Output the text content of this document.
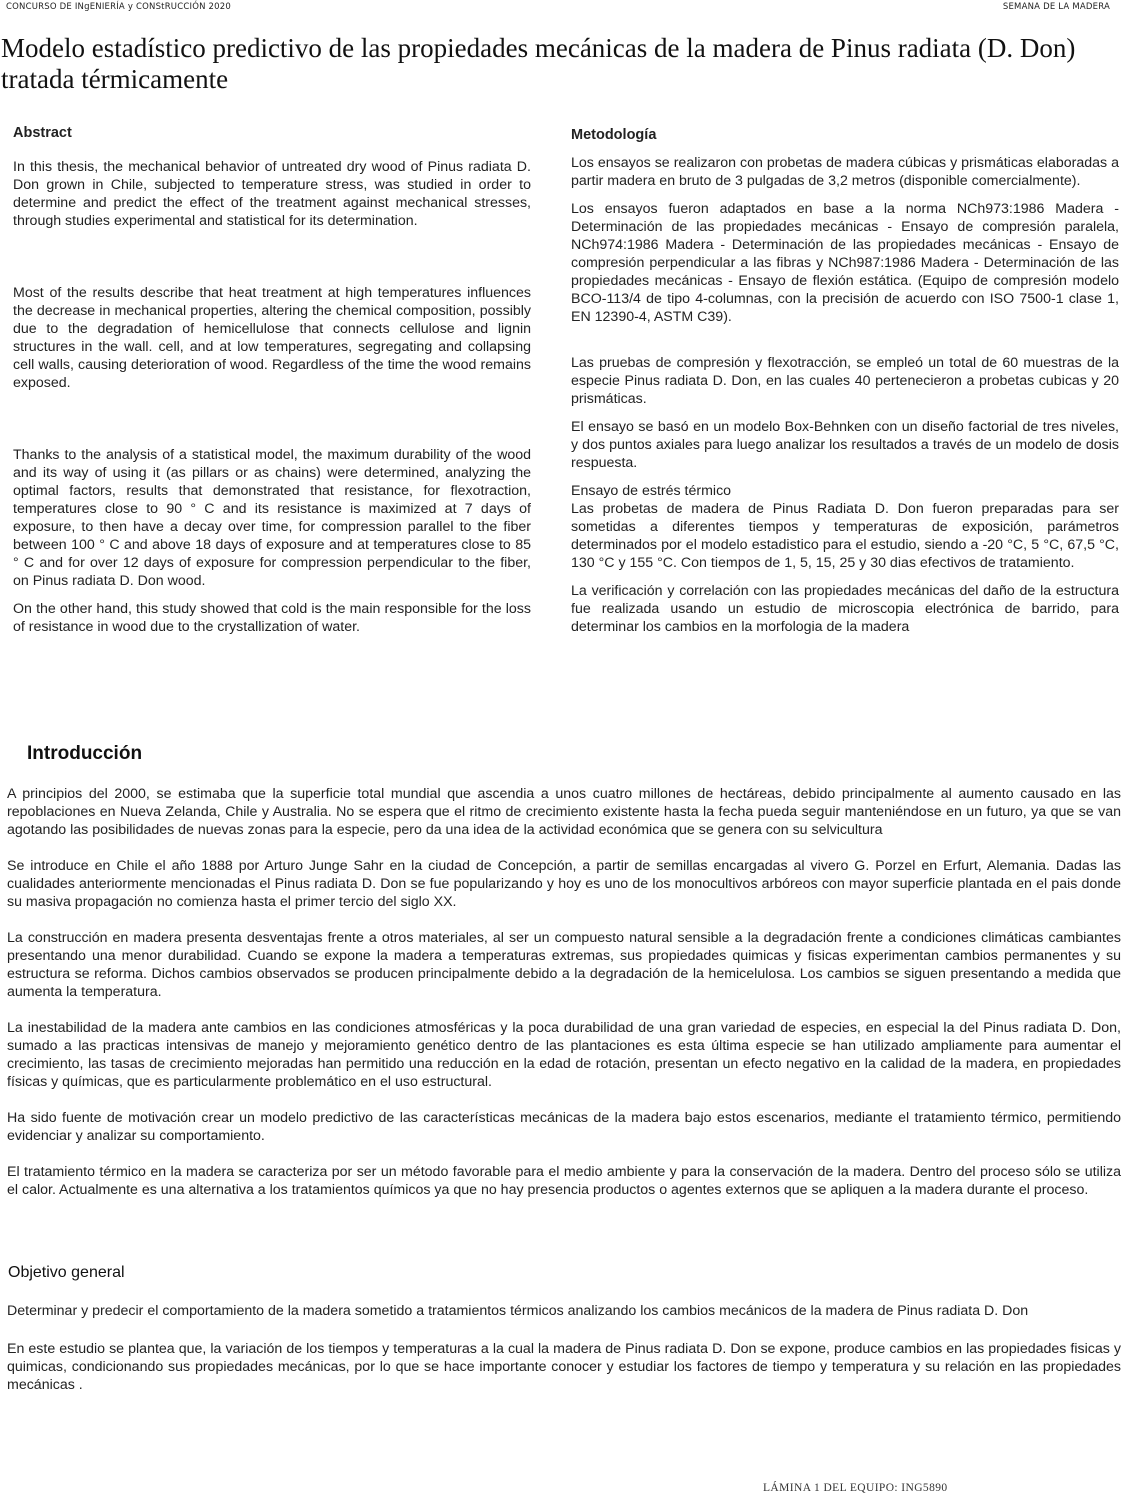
CONCURSO DE INgENIERÍA y CONStRUCCIÓN 2020	SEMANA DE LA MADERA
Modelo estadístico predictivo de las propiedades mecánicas de la madera de Pinus radiata (D. Don) tratada térmicamente
Abstract

In this thesis, the mechanical behavior of untreated dry wood of Pinus radiata D. Don grown in Chile, subjected to temperature stress, was studied in order to determine and predict the effect of the treatment against mechanical stresses, through studies experimental and statistical for its determination.

Most of the results describe that heat treatment at high temperatures influences the decrease in mechanical properties, altering the chemical composition, possibly due to the degradation of hemicellulose that connects cellulose and lignin structures in the wall. cell, and at low temperatures, segregating and collapsing cell walls, causing deterioration of wood. Regardless of the time the wood remains exposed.

Thanks to the analysis of a statistical model, the maximum durability of the wood and its way of using it (as pillars or as chains) were determined, analyzing the optimal factors, results that demonstrated that resistance, for flexotraction, temperatures close to 90 ° C and its resistance is maximized at 7 days of exposure, to then have a decay over time, for compression parallel to the fiber between 100 ° C and above 18 days of exposure and at temperatures close to 85 ° C and for over 12 days of exposure for compression perpendicular to the fiber, on Pinus radiata D. Don wood.

On the other hand, this study showed that cold is the main responsible for the loss of resistance in wood due to the crystallization of water.

Metodología

Los ensayos se realizaron con probetas de madera cúbicas y prismáticas elaboradas a partir madera en bruto de 3 pulgadas de 3,2 metros (disponible comercialmente).

Los ensayos fueron adaptados en base a la norma NCh973:1986 Madera - Determinación de las propiedades mecánicas - Ensayo de compresión paralela, NCh974:1986 Madera - Determinación de las propiedades mecánicas - Ensayo de compresión perpendicular a las fibras y NCh987:1986 Madera - Determinación de las propiedades mecánicas - Ensayo de flexión estática. (Equipo de compresión modelo BCO-113/4 de tipo 4-columnas, con la precisión de acuerdo con ISO 7500-1 clase 1, EN 12390-4, ASTM C39).

Las pruebas de compresión y flexotracción, se empleó un total de 60 muestras de la especie Pinus radiata D. Don, en las cuales 40 pertenecieron a probetas cubicas y 20 prismáticas.

El ensayo se basó en un modelo Box-Behnken con un diseño factorial de tres niveles, y dos puntos axiales para luego analizar los resultados a través de un modelo de dosis respuesta.

Ensayo de estrés térmico

Las probetas de madera de Pinus Radiata D. Don fueron preparadas para ser sometidas a diferentes tiempos y temperaturas de exposición, parámetros determinados por el modelo estadistico para el estudio, siendo a -20 °C, 5 °C, 67,5 °C, 130 °C y 155 °C. Con tiempos de 1, 5, 15, 25 y 30 dias efectivos de tratamiento.

La verificación y correlación con las propiedades mecánicas del daño de la estructura fue realizada usando un estudio de microscopia electrónica de barrido, para determinar los cambios en la morfologia de la madera

Introducción

A principios del 2000, se estimaba que la superficie total mundial que ascendia a unos cuatro millones de hectáreas, debido principalmente al aumento causado en las repoblaciones en Nueva Zelanda, Chile y Australia. No se espera que el ritmo de crecimiento existente hasta la fecha pueda seguir manteniéndose en un futuro, ya que se van agotando las posibilidades de nuevas zonas para la especie, pero da una idea de la actividad económica que se genera con su selvicultura

Se introduce en Chile el año 1888 por Arturo Junge Sahr en la ciudad de Concepción, a partir de semillas encargadas al vivero G. Porzel en Erfurt, Alemania. Dadas las cualidades anteriormente mencionadas el Pinus radiata D. Don se fue popularizando y hoy es uno de los monocultivos arbóreos con mayor superficie plantada en el pais donde su masiva propagación no comienza hasta el primer tercio del siglo XX.

La construcción en madera presenta desventajas frente a otros materiales, al ser un compuesto natural sensible a la degradación frente a condiciones climáticas cambiantes presentando una menor durabilidad. Cuando se expone la madera a temperaturas extremas, sus propiedades quimicas y fisicas experimentan cambios permanentes y su estructura se reforma. Dichos cambios observados se producen principalmente debido a la degradación de la hemicelulosa. Los cambios se siguen presentando a medida que aumenta la temperatura.

La inestabilidad de la madera ante cambios en las condiciones atmosféricas y la poca durabilidad de una gran variedad de especies, en especial la del Pinus radiata D. Don, sumado a las practicas intensivas de manejo y mejoramiento genético dentro de las plantaciones es esta última especie se han utilizado ampliamente para aumentar el crecimiento, las tasas de crecimiento mejoradas han permitido una reducción en la edad de rotación, presentan un efecto negativo en la calidad de la madera, en propiedades físicas y químicas, que es particularmente problemático en el uso estructural.

Ha sido fuente de motivación crear un modelo predictivo de las características mecánicas de la madera bajo estos escenarios, mediante el tratamiento térmico, permitiendo evidenciar y analizar su comportamiento.

El tratamiento térmico en la madera se caracteriza por ser un método favorable para el medio ambiente y para la conservación de la madera. Dentro del proceso sólo se utiliza el calor. Actualmente es una alternativa a los tratamientos químicos ya que no hay presencia productos o agentes externos que se apliquen a la madera durante el proceso.

Objetivo general

Determinar y predecir el comportamiento de la madera sometido a tratamientos térmicos analizando los cambios mecánicos de la madera de Pinus radiata D. Don

En este estudio se plantea que, la variación de los tiempos y temperaturas a la cual la madera de Pinus radiata D. Don se expone, produce cambios en las propiedades fisicas y quimicas, condicionando sus propiedades mecánicas, por lo que se hace importante conocer y estudiar los factores de tiempo y temperatura y su relación en las propiedades mecánicas .

LÁMINA 1 DEL EQUIPO: ING5890
